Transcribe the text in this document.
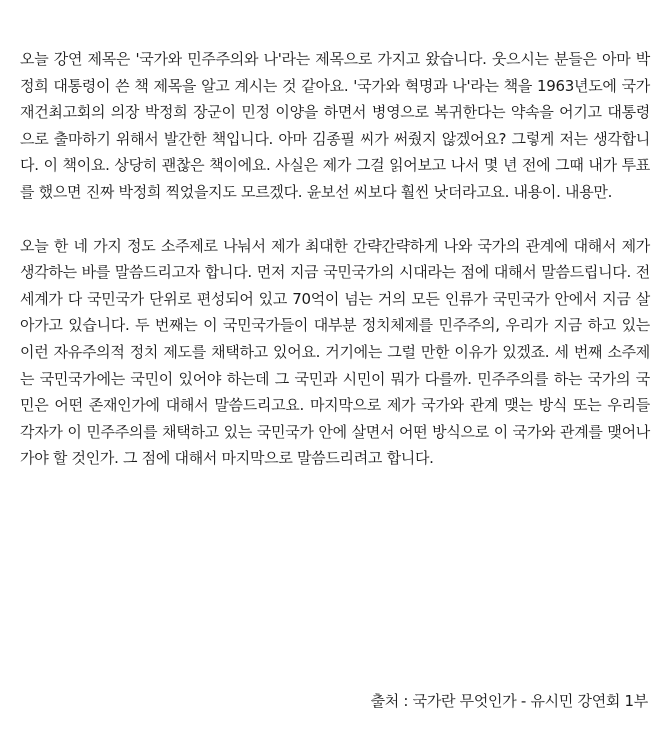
오늘 강연 제목은 '국가와 민주주의와 나'라는 제목으로 가지고 왔습니다. 웃으시는 분들은 아마 박정희 대통령이 쓴 책 제목을 알고 계시는 것 같아요. '국가와 혁명과 나'라는 책을 1963년도에 국가재건최고회의 의장 박정희 장군이 민정 이양을 하면서 병영으로 복귀한다는 약속을 어기고 대통령으로 출마하기 위해서 발간한 책입니다. 아마 김종필 씨가 써줬지 않겠어요? 그렇게 저는 생각합니다. 이 책이요. 상당히 괜찮은 책이에요. 사실은 제가 그걸 읽어보고 나서 몇 년 전에 그때 내가 투표를 했으면 진짜 박정희 찍었을지도 모르겠다. 윤보선 씨보다 훨씬 낫더라고요. 내용이. 내용만.

오늘 한 네 가지 정도 소주제로 나눠서 제가 최대한 간략간략하게 나와 국가의 관계에 대해서 제가 생각하는 바를 말씀드리고자 합니다. 먼저 지금 국민국가의 시대라는 점에 대해서 말씀드립니다. 전 세계가 다 국민국가 단위로 편성되어 있고 70억이 넘는 거의 모든 인류가 국민국가 안에서 지금 살아가고 있습니다. 두 번째는 이 국민국가들이 대부분 정치체제를 민주주의, 우리가 지금 하고 있는 이런 자유주의적 정치 제도를 채택하고 있어요. 거기에는 그럴 만한 이유가 있겠죠. 세 번째 소주제는 국민국가에는 국민이 있어야 하는데 그 국민과 시민이 뭐가 다를까. 민주주의를 하는 국가의 국민은 어떤 존재인가에 대해서 말씀드리고요. 마지막으로 제가 국가와 관계 맺는 방식 또는 우리들 각자가 이 민주주의를 채택하고 있는 국민국가 안에 살면서 어떤 방식으로 이 국가와 관계를 맺어나가야 할 것인가. 그 점에 대해서 마지막으로 말씀드리려고 합니다.

출처 : 국가란 무엇인가 - 유시민 강연회 1부
